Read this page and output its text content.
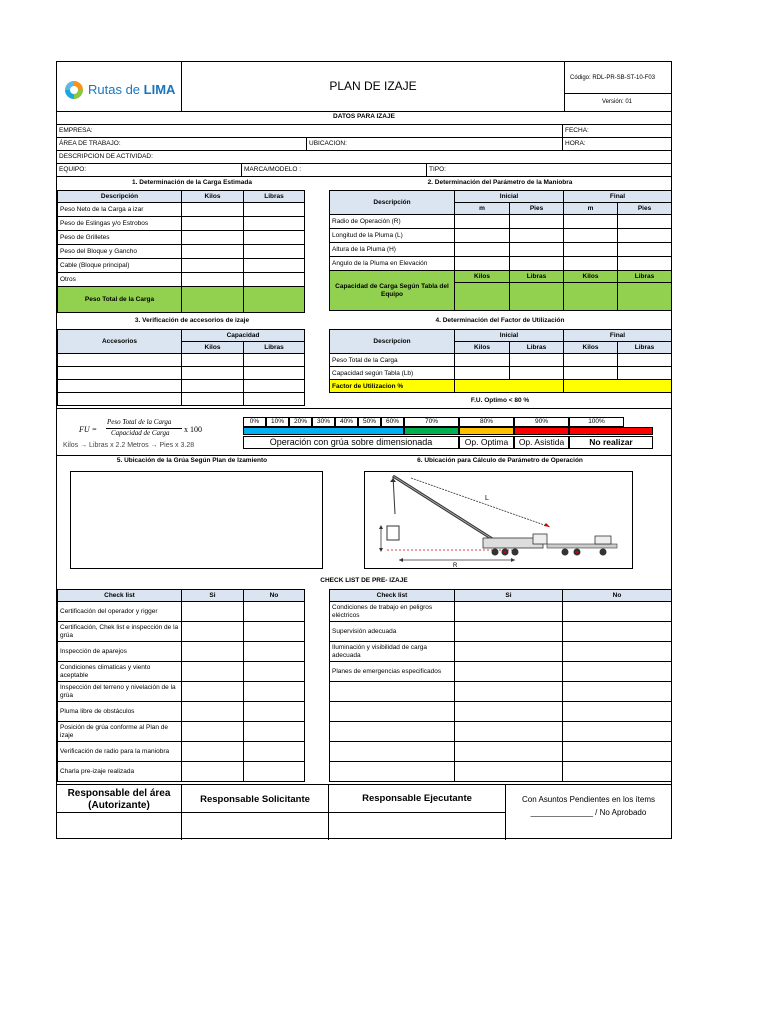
Rutas de LIMA	PLAN DE IZAJE
Código: RDL-PR-SB-ST-10-F03
Versión: 01
DATOS PARA IZAJE
EMPRESA:	FECHA:
ÁREA DE TRABAJO:	UBICACION:	HORA:
DESCRIPCION DE ACTIVIDAD:
EQUIPO:	MARCA/MODELO :	TIPO:
1. Determinación de la Carga Estimada
Descripción	Kilos	Libras
Peso Neto de la Carga a izar		
Peso de Eslingas y/o Estrobos		
Peso de Grilletes		
Peso del Bloque y Gancho		
Cable (Bloque principal)		
Otros		
Peso Total de la Carga		
2. Determinación del Parámetro de la Maniobra
Descripción	Inicial		Final	
	m	Pies	m	Pies
Radio de Operación (R)				
Longitud de la Pluma (L)				
Altura de la Pluma (H)				
Angulo de la Pluma en Elevación				
Capacidad de Carga Según Tabla del Equipo	Kilos	Libras	Kilos	Libras

3. Verificación de accesorios de izaje
Accesorios	Capacidad	
	Kilos	Libras

4. Determinación del Factor de Utilización
Descripcion	Inicial		Final	
	Kilos	Libras	Kilos	Libras
Peso Total de la Carga				
Capacidad según Tabla (Lb)				
Factor de Utilizacion %				
F.U. Optimo < 80 %
FU =
Peso Total de la Carga
Capacidad de Carga x 100
Kilos → Libras x 2.2 Metros → Pies x 3.28
0%	10%	20%	30%	40%	50%	60%	70%	80%	90%	100%
Operación con grúa sobre dimensionada	Op. Optima	Op. Asistida	No realizar
5. Ubicación de la Grúa Según Plan de Izamiento	6. Ubicación para Cálculo de Parámetro de Operación
L
R
CHECK LIST DE PRE- IZAJE
Check list	Si	No
Certificación del operador y rigger		
Certificación, Chek list e inspección de la grúa		
Inspección de aparejos		
Condiciones climaticas y viento aceptable		
Inspección del terreno y nivelación de la grúa		
Pluma libre de obstáculos		
Posición de grúa conforme al Plan de izaje		
Verificación de radio para la maniobra		
Charla pre-izaje realizada		
Check list	Si	No
Condiciones de trabajo en peligros eléctricos		
Supervisión adecuada		
Iluminación y visibilidad de carga adecuada		
Planes de emergencias especificados		

Responsable del área (Autorizante)
Responsable Solicitante	Responsable Ejecutante	Con Asuntos Pendientes en los ítems
______________ / No Aprobado
